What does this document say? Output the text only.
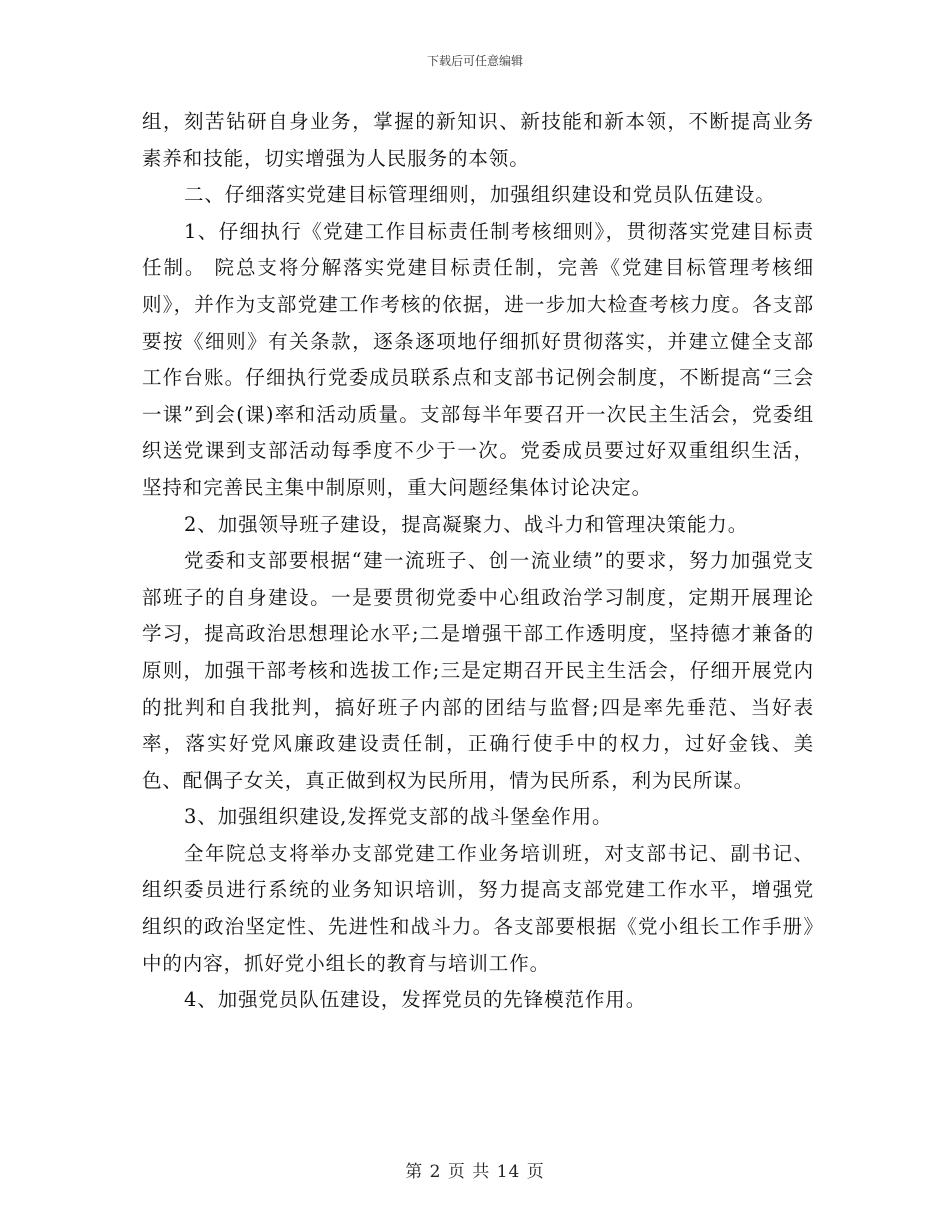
下载后可任意编辑

组，刻苦钻研自身业务，掌握的新知识、新技能和新本领，不断提高业务素养和技能，切实增强为人民服务的本领。

二、仔细落实党建目标管理细则，加强组织建设和党员队伍建设。

1、仔细执行《党建工作目标责任制考核细则》，贯彻落实党建目标责任制。 院总支将分解落实党建目标责任制，完善《党建目标管理考核细则》，并作为支部党建工作考核的依据，进一步加大检查考核力度。各支部要按《细则》有关条款，逐条逐项地仔细抓好贯彻落实，并建立健全支部工作台账。仔细执行党委成员联系点和支部书记例会制度，不断提高“三会一课”到会(课)率和活动质量。支部每半年要召开一次民主生活会，党委组织送党课到支部活动每季度不少于一次。党委成员要过好双重组织生活，坚持和完善民主集中制原则，重大问题经集体讨论决定。

2、加强领导班子建设，提高凝聚力、战斗力和管理决策能力。

党委和支部要根据“建一流班子、创一流业绩”的要求，努力加强党支部班子的自身建设。一是要贯彻党委中心组政治学习制度，定期开展理论学习，提高政治思想理论水平;二是增强干部工作透明度，坚持德才兼备的原则，加强干部考核和选拔工作;三是定期召开民主生活会，仔细开展党内的批判和自我批判，搞好班子内部的团结与监督;四是率先垂范、当好表率，落实好党风廉政建设责任制，正确行使手中的权力，过好金钱、美色、配偶子女关，真正做到权为民所用，情为民所系，利为民所谋。

3、加强组织建设,发挥党支部的战斗堡垒作用。

全年院总支将举办支部党建工作业务培训班，对支部书记、副书记、组织委员进行系统的业务知识培训，努力提高支部党建工作水平，增强党组织的政治坚定性、先进性和战斗力。各支部要根据《党小组长工作手册》中的内容，抓好党小组长的教育与培训工作。

4、加强党员队伍建设，发挥党员的先锋模范作用。

第 2 页 共 14 页
